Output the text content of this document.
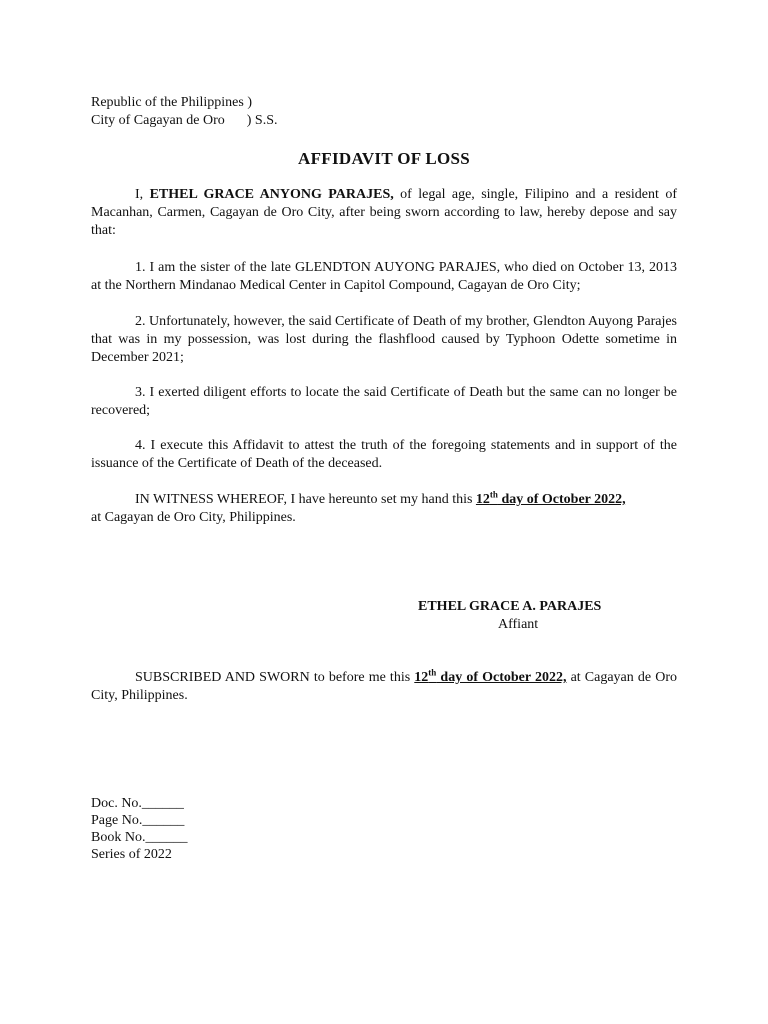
Republic of the Philippines )
City of Cagayan de Oro ) S.S.
AFFIDAVIT OF LOSS
I, ETHEL GRACE ANYONG PARAJES, of legal age, single, Filipino and a resident of Macanhan, Carmen, Cagayan de Oro City, after being sworn according to law, hereby depose and say that:
1. I am the sister of the late GLENDTON AUYONG PARAJES, who died on October 13, 2013 at the Northern Mindanao Medical Center in Capitol Compound, Cagayan de Oro City;
2. Unfortunately, however, the said Certificate of Death of my brother, Glendton Auyong Parajes that was in my possession, was lost during the flashflood caused by Typhoon Odette sometime in December 2021;
3. I exerted diligent efforts to locate the said Certificate of Death but the same can no longer be recovered;
4. I execute this Affidavit to attest the truth of the foregoing statements and in support of the issuance of the Certificate of Death of the deceased.
IN WITNESS WHEREOF, I have hereunto set my hand this 12th day of October 2022,
at Cagayan de Oro City, Philippines.
ETHEL GRACE A. PARAJES
Affiant
SUBSCRIBED AND SWORN to before me this 12th day of October 2022, at Cagayan de Oro City, Philippines.
Doc. No.______
Page No.______
Book No.______
Series of 2022
